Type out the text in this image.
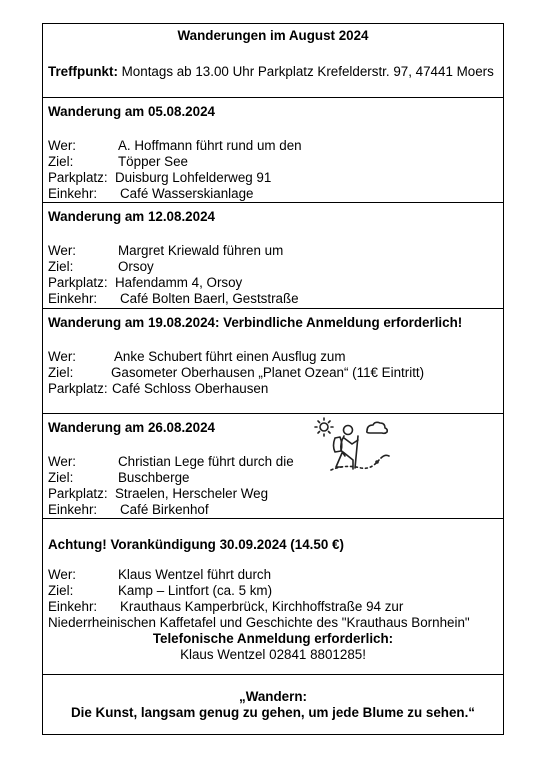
Wanderungen im August 2024
Treffpunkt: Montags ab 13.00 Uhr Parkplatz Krefelderstr. 97, 47441 Moers
Wanderung am 05.08.2024
Wer:	A. Hoffmann führt rund um den
Ziel:	Töpper See
Parkplatz: Duisburg Lohfelderweg 91
Einkehr: Café Wasserskianlage
Wanderung am 12.08.2024
Wer:	Margret Kriewald führen um
Ziel:	Orsoy
Parkplatz: Hafendamm 4, Orsoy
Einkehr: Café Bolten Baerl, Geststraße
Wanderung am 19.08.2024: Verbindliche Anmeldung erforderlich!
Wer:	Anke Schubert führt einen Ausflug zum
Ziel:	Gasometer Oberhausen „Planet Ozean“ (11€ Eintritt)
Parkplatz: Café Schloss Oberhausen
Wanderung am 26.08.2024
Wer:	Christian Lege führt durch die
Ziel:	Buschberge
Parkplatz: Straelen, Herscheler Weg
Einkehr: Café Birkenhof
Achtung! Vorankündigung 30.09.2024 (14.50 €)
Wer:	Klaus Wentzel führt durch
Ziel:	Kamp – Lintfort (ca. 5 km)
Einkehr: Krauthaus Kamperbrück, Kirchhoffstraße 94 zur
Niederrheinischen Kaffetafel und Geschichte des "Krauthaus Bornhein"
Telefonische Anmeldung erforderlich:
Klaus Wentzel 02841 8801285!
„Wandern:
Die Kunst, langsam genug zu gehen, um jede Blume zu sehen.“
